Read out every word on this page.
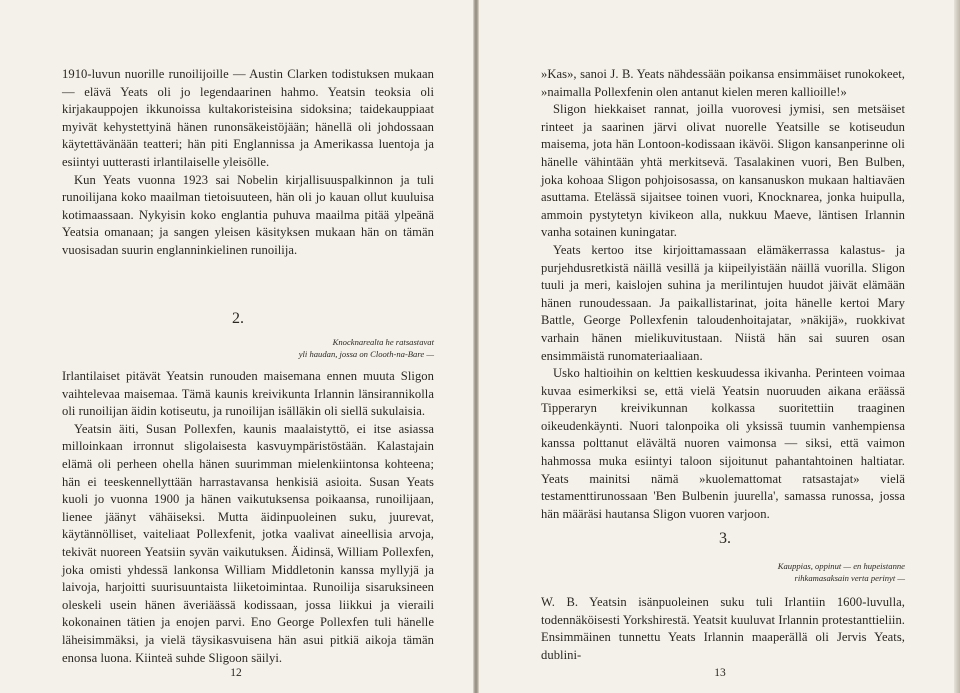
1910-luvun nuorille runoilijoille — Austin Clarken todistuksen mukaan — elävä Yeats oli jo legendaarinen hahmo. Yeatsin teoksia oli kirjakauppojen ikkunoissa kultakoristeisina sidoksina; taidekauppiaat myivät kehystettyinä hänen runonsäkeistöjään; hänellä oli johdossaan käytettävänään teatteri; hän piti Englannissa ja Amerikassa luentoja ja esiintyi uutterasti irlantilaiselle yleisölle.

Kun Yeats vuonna 1923 sai Nobelin kirjallisuuspalkinnon ja tuli runoilijana koko maailman tietoisuuteen, hän oli jo kauan ollut kuuluisa kotimaassaan. Nykyisin koko englantia puhuva maailma pitää ylpeänä Yeatsia omanaan; ja sangen yleisen käsityksen mukaan hän on tämän vuosisadan suurin englanninkielinen runoilija.

2.
Knocknarealta he ratsastavat
yli haudan, jossa on Clooth-na-Bare —

Irlantilaiset pitävät Yeatsin runouden maisemana ennen muuta Sligon vaihtelevaa maisemaa. Tämä kaunis kreivikunta Irlannin länsirannikolla oli runoilijan äidin kotiseutu, ja runoilijan isälläkin oli siellä sukulaisia.

Yeatsin äiti, Susan Pollexfen, kaunis maalaistyttö, ei itse asiassa milloinkaan irronnut sligolaisesta kasvuympäristöstään. Kalastajain elämä oli perheen ohella hänen suurimman mielenkiintonsa kohteena; hän ei teeskennellyttään harrastavansa henkisiä asioita. Susan Yeats kuoli jo vuonna 1900 ja hänen vaikutuksensa poikaansa, runoilijaan, lienee jäänyt vähäiseksi. Mutta äidinpuoleinen suku, juurevat, käytännölliset, vaiteliaat Pollexfenit, jotka vaalivat aineellisia arvoja, tekivät nuoreen Yeatsiin syvän vaikutuksen. Äidinsä, William Pollexfen, joka omisti yhdessä lankonsa William Middletonin kanssa myllyjä ja laivoja, harjoitti suurisuuntaista liiketoimintaa. Runoilija sisaruksineen oleskeli usein hänen äveriäässä kodissaan, jossa liikkui ja vieraili kokonainen tätien ja enojen parvi. Eno George Pollexfen tuli hänelle läheisimmäksi, ja vielä täysikasvuisena hän asui pitkiä aikoja tämän enonsa luona. Kiinteä suhde Sligoon säilyi.

12

»Kas», sanoi J. B. Yeats nähdessään poikansa ensimmäiset runokokeet, »naimalla Pollexfenin olen antanut kielen meren kallioille!»

Sligon hiekkaiset rannat, joilla vuorovesi jymisi, sen metsäiset rinteet ja saarinen järvi olivat nuorelle Yeatsille se kotiseudun maisema, jota hän Lontoon-kodissaan ikävöi. Sligon kansanperinne oli hänelle vähintään yhtä merkitsevä. Tasalakinen vuori, Ben Bulben, joka kohoaa Sligon pohjoisosassa, on kansanuskon mukaan haltiaväen asuttama. Etelässä sijaitsee toinen vuori, Knocknarea, jonka huipulla, ammoin pystytetyn kivikeon alla, nukkuu Maeve, läntisen Irlannin vanha sotainen kuningatar.

Yeats kertoo itse kirjoittamassaan elämäkerrassa kalastus- ja purjehdusretkistä näillä vesillä ja kiipeilyistään näillä vuorilla. Sligon tuuli ja meri, kaislojen suhina ja merilintujen huudot jäivät elämään hänen runoudessaan. Ja paikallistarinat, joita hänelle kertoi Mary Battle, George Pollexfenin taloudenhoitajatar, »näkijä», ruokkivat varhain hänen mielikuvitustaan. Niistä hän sai suuren osan ensimmäistä runomateriaaliaan.

Usko haltioihin on kelttien keskuudessa ikivanha. Perinteen voimaa kuvaa esimerkiksi se, että vielä Yeatsin nuoruuden aikana eräässä Tipperaryn kreivikunnan kolkassa suoritettiin traaginen oikeudenkäynti. Nuori talonpoika oli yksissä tuumin vanhempiensa kanssa polttanut elävältä nuoren vaimonsa — siksi, että vaimon hahmossa muka esiintyi taloon sijoitunut pahantahtoinen haltiatar. Yeats mainitsi nämä »kuolemattomat ratsastajat» vielä testamenttirunossaan 'Ben Bulbenin juurella', samassa runossa, jossa hän määräsi hautansa Sligon vuoren varjoon.

3.
Kauppias, oppinut — en hupeistanne
rihkamasaksain verta perinyt —

W. B. Yeatsin isänpuoleinen suku tuli Irlantiin 1600-luvulla, todennäköisesti Yorkshirestä. Yeatsit kuuluvat Irlannin protestanttieliin. Ensimmäinen tunnettu Yeats Irlannin maaperällä oli Jervis Yeats, dublini-

13
